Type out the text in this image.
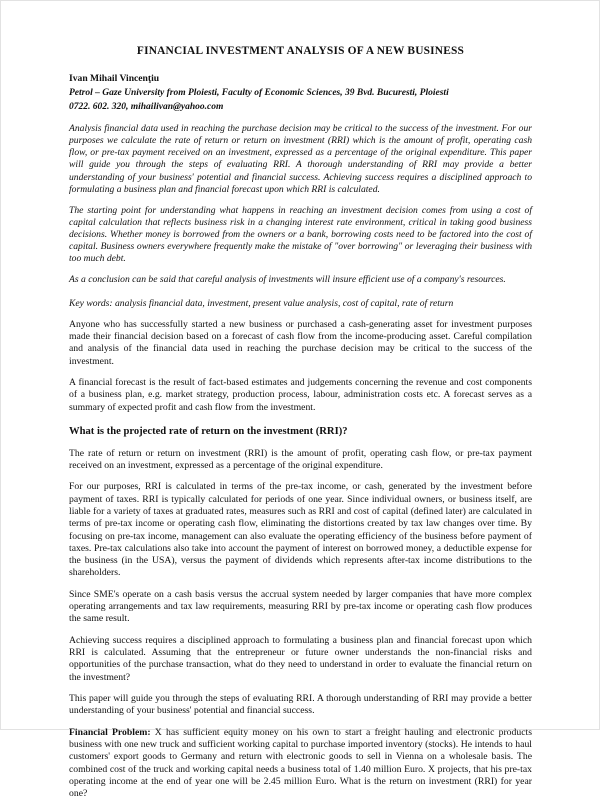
FINANCIAL INVESTMENT ANALYSIS OF A NEW BUSINESS

Ivan Mihail Vincenţiu

Petrol – Gaze University from Ploiesti, Faculty of Economic Sciences, 39 Bvd. Bucuresti, Ploiesti

0722. 602. 320, mihailivan@yahoo.com

Analysis financial data used in reaching the purchase decision may be critical to the success of the investment. For our purposes we calculate the rate of return or return on investment (RRI) which is the amount of profit, operating cash flow, or pre-tax payment received on an investment, expressed as a percentage of the original expenditure. This paper will guide you through the steps of evaluating RRI. A thorough understanding of RRI may provide a better understanding of your business' potential and financial success. Achieving success requires a disciplined approach to formulating a business plan and financial forecast upon which RRI is calculated.

The starting point for understanding what happens in reaching an investment decision comes from using a cost of capital calculation that reflects business risk in a changing interest rate environment, critical in taking good business decisions. Whether money is borrowed from the owners or a bank, borrowing costs need to be factored into the cost of capital. Business owners everywhere frequently make the mistake of "over borrowing" or leveraging their business with too much debt.

As a conclusion can be said that careful analysis of investments will insure efficient use of a company's resources.

Key words: analysis financial data, investment, present value analysis, cost of capital, rate of return

Anyone who has successfully started a new business or purchased a cash-generating asset for investment purposes made their financial decision based on a forecast of cash flow from the income-producing asset. Careful compilation and analysis of the financial data used in reaching the purchase decision may be critical to the success of the investment.

A financial forecast is the result of fact-based estimates and judgements concerning the revenue and cost components of a business plan, e.g. market strategy, production process, labour, administration costs etc. A forecast serves as a summary of expected profit and cash flow from the investment.

What is the projected rate of return on the investment (RRI)?

The rate of return or return on investment (RRI) is the amount of profit, operating cash flow, or pre-tax payment received on an investment, expressed as a percentage of the original expenditure.

For our purposes, RRI is calculated in terms of the pre-tax income, or cash, generated by the investment before payment of taxes. RRI is typically calculated for periods of one year. Since individual owners, or business itself, are liable for a variety of taxes at graduated rates, measures such as RRI and cost of capital (defined later) are calculated in terms of pre-tax income or operating cash flow, eliminating the distortions created by tax law changes over time. By focusing on pre-tax income, management can also evaluate the operating efficiency of the business before payment of taxes. Pre-tax calculations also take into account the payment of interest on borrowed money, a deductible expense for the business (in the USA), versus the payment of dividends which represents after-tax income distributions to the shareholders.

Since SME's operate on a cash basis versus the accrual system needed by larger companies that have more complex operating arrangements and tax law requirements, measuring RRI by pre-tax income or operating cash flow produces the same result.

Achieving success requires a disciplined approach to formulating a business plan and financial forecast upon which RRI is calculated. Assuming that the entrepreneur or future owner understands the non-financial risks and opportunities of the purchase transaction, what do they need to understand in order to evaluate the financial return on the investment?

This paper will guide you through the steps of evaluating RRI. A thorough understanding of RRI may provide a better understanding of your business' potential and financial success.

Financial Problem: X has sufficient equity money on his own to start a freight hauling and electronic products business with one new truck and sufficient working capital to purchase imported inventory (stocks). He intends to haul customers' export goods to Germany and return with electronic goods to sell in Vienna on a wholesale basis. The combined cost of the truck and working capital needs a business total of 1.40 million Euro. X projects, that his pre-tax operating income at the end of year one will be 2.45 million Euro. What is the return on investment (RRI) for year one?
